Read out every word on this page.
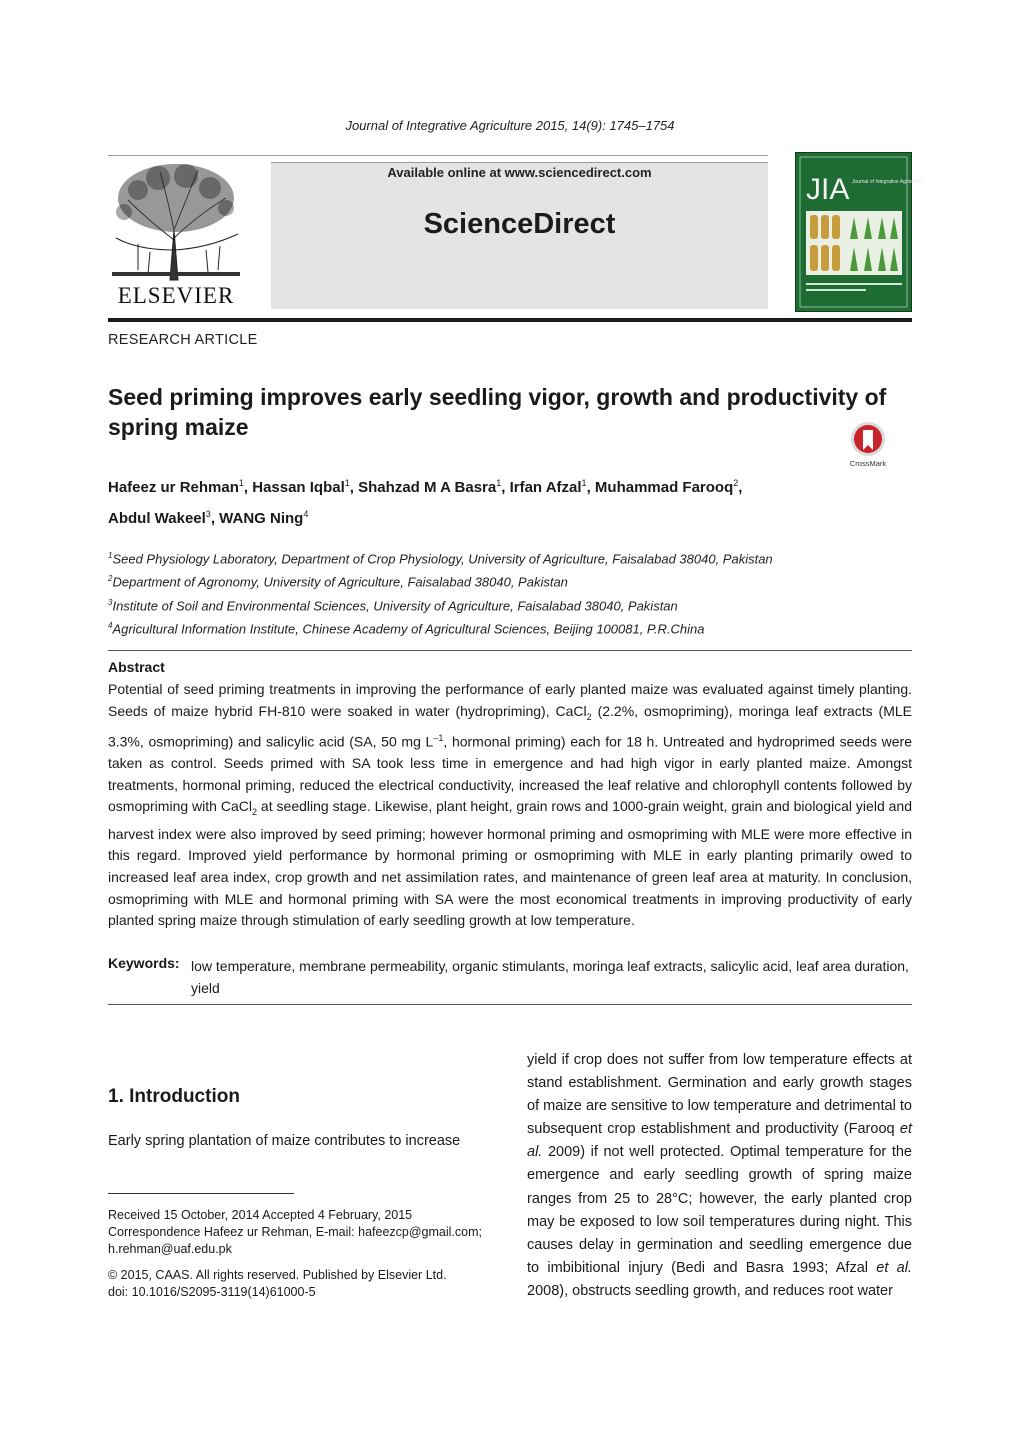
Journal of Integrative Agriculture 2015, 14(9): 1745–1754
ELSEVIER
Available online at www.sciencedirect.com
ScienceDirect
JIA Journal of Integrative Agriculture
RESEARCH ARTICLE
Seed priming improves early seedling vigor, growth and productivity of spring maize
CrossMark
Hafeez ur Rehman$^1$, Hassan Iqbal$^1$, Shahzad M A Basra$^1$, Irfan Afzal$^1$, Muhammad Farooq$^2$,
Abdul Wakeel$^3$, WANG Ning$^4$
$^1$Seed Physiology Laboratory, Department of Crop Physiology, University of Agriculture, Faisalabad 38040, Pakistan
$^2$Department of Agronomy, University of Agriculture, Faisalabad 38040, Pakistan
$^3$Institute of Soil and Environmental Sciences, University of Agriculture, Faisalabad 38040, Pakistan
$^4$Agricultural Information Institute, Chinese Academy of Agricultural Sciences, Beijing 100081, P.R.China
Abstract
Potential of seed priming treatments in improving the performance of early planted maize was evaluated against timely planting. Seeds of maize hybrid FH-810 were soaked in water (hydropriming), CaCl$_2$ (2.2%, osmopriming), moringa leaf extracts (MLE 3.3%, osmopriming) and salicylic acid (SA, 50 mg $L^{-1}$, hormonal priming) each for 18 h. Untreated and hydroprimed seeds were taken as control. Seeds primed with SA took less time in emergence and had high vigor in early planted maize. Amongst treatments, hormonal priming, reduced the electrical conductivity, increased the leaf relative and chlorophyll contents followed by osmopriming with CaCl$_2$ at seedling stage. Likewise, plant height, grain rows and 1000-grain weight, grain and biological yield and harvest index were also improved by seed priming; however hormonal priming and osmopriming with MLE were more effective in this regard. Improved yield performance by hormonal priming or osmopriming with MLE in early planting primarily owed to increased leaf area index, crop growth and net assimilation rates, and maintenance of green leaf area at maturity. In conclusion, osmopriming with MLE and hormonal priming with SA were the most economical treatments in improving productivity of early planted spring maize through stimulation of early seedling growth at low temperature.
Keywords: low temperature, membrane permeability, organic stimulants, moringa leaf extracts, salicylic acid, leaf area duration, yield
1. Introduction
Early spring plantation of maize contributes to increase
Received 15 October, 2014 Accepted 4 February, 2015
Correspondence Hafeez ur Rehman, E-mail: hafeezcp@gmail.com; h.rehman@uaf.edu.pk
© 2015, CAAS. All rights reserved. Published by Elsevier Ltd.
doi: 10.1016/S2095-3119(14)61000-5
yield if crop does not suffer from low temperature effects at stand establishment. Germination and early growth stages of maize are sensitive to low temperature and detrimental to subsequent crop establishment and productivity (Farooq et al. 2009) if not well protected. Optimal temperature for the emergence and early seedling growth of spring maize ranges from 25 to 28°C; however, the early planted crop may be exposed to low soil temperatures during night. This causes delay in germination and seedling emergence due to imbibitional injury (Bedi and Basra 1993; Afzal et al. 2008), obstructs seedling growth, and reduces root water
